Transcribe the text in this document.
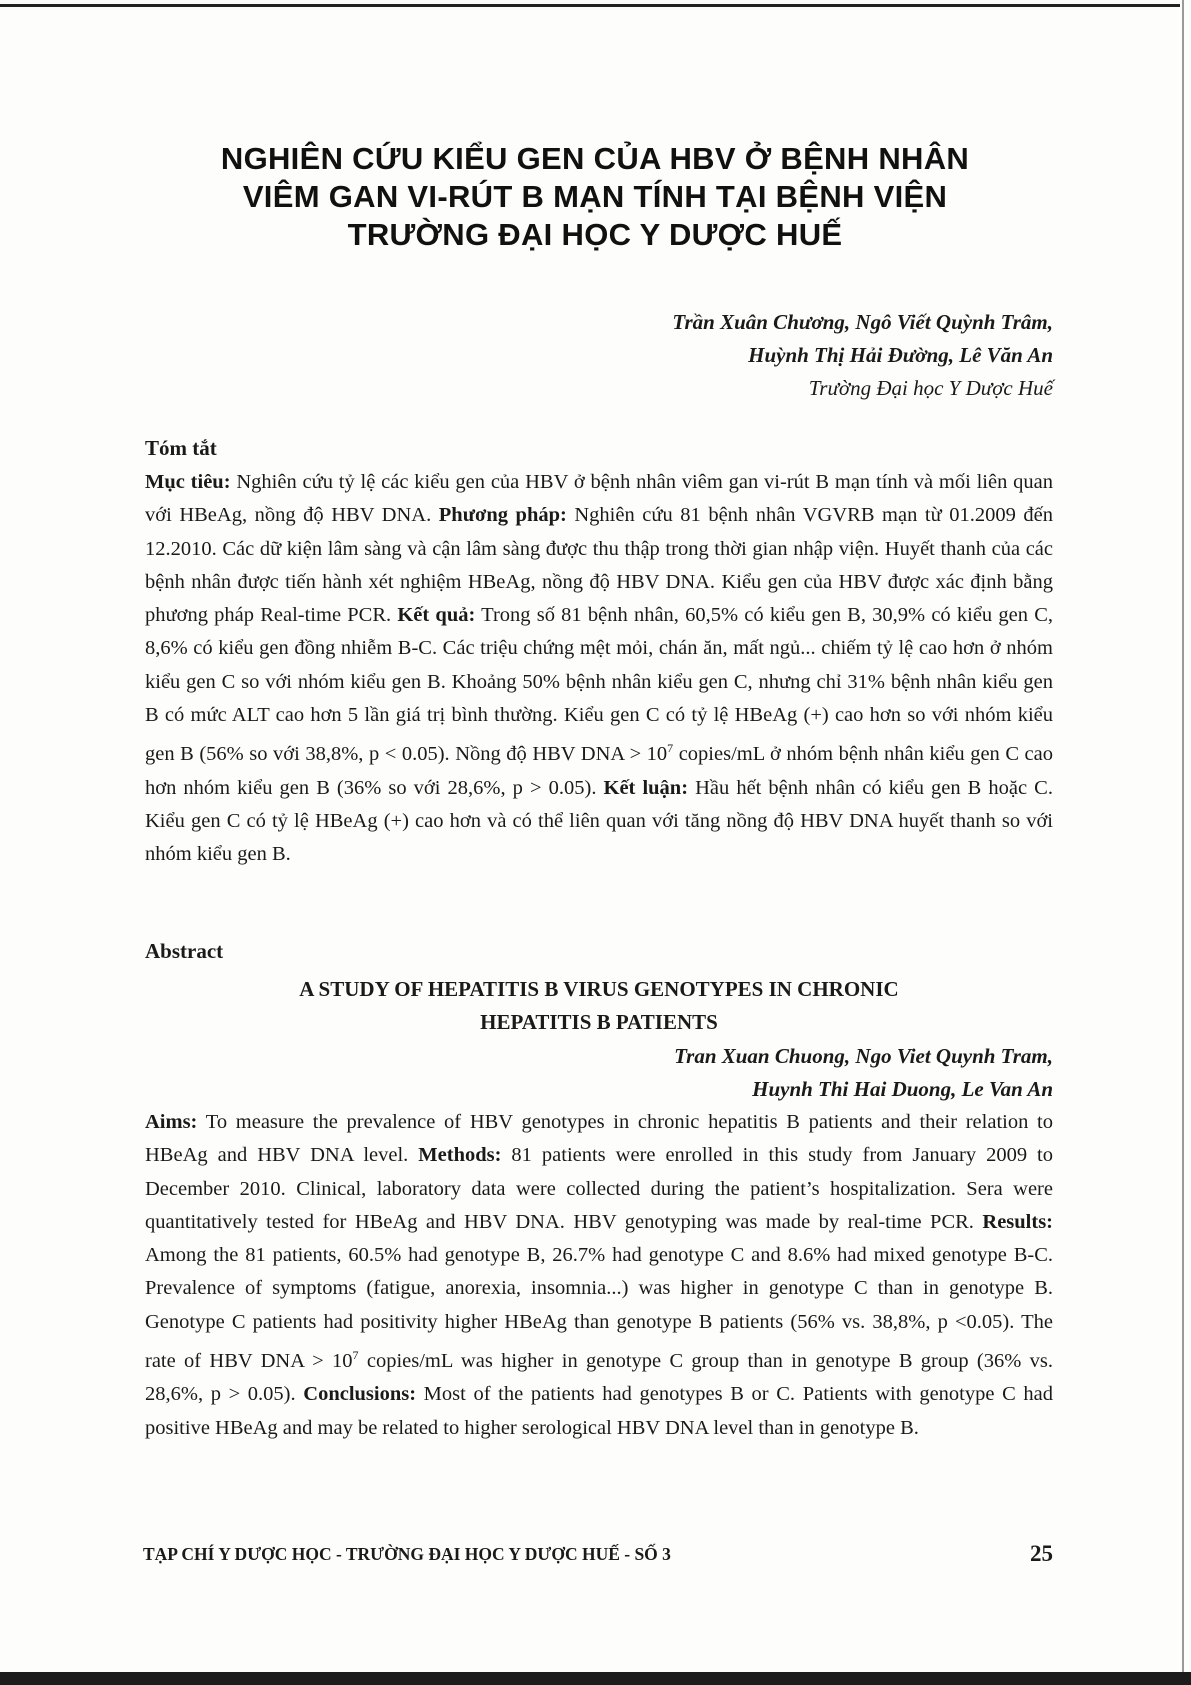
NGHIÊN CỨU KIỂU GEN CỦA HBV Ở BỆNH NHÂN
VIÊM GAN VI-RÚT B MẠN TÍNH TẠI BỆNH VIỆN
TRƯỜNG ĐẠI HỌC Y DƯỢC HUẾ
Trần Xuân Chương, Ngô Viết Quỳnh Trâm,
Huỳnh Thị Hải Đường, Lê Văn An
Trường Đại học Y Dược Huế
Tóm tắt

Mục tiêu: Nghiên cứu tỷ lệ các kiểu gen của HBV ở bệnh nhân viêm gan vi-rút B mạn tính và mối liên quan với HBeAg, nồng độ HBV DNA. Phương pháp: Nghiên cứu 81 bệnh nhân VGVRB mạn từ 01.2009 đến 12.2010. Các dữ kiện lâm sàng và cận lâm sàng được thu thập trong thời gian nhập viện. Huyết thanh của các bệnh nhân được tiến hành xét nghiệm HBeAg, nồng độ HBV DNA. Kiểu gen của HBV được xác định bằng phương pháp Real-time PCR. Kết quả: Trong số 81 bệnh nhân, 60,5% có kiểu gen B, 30,9% có kiểu gen C, 8,6% có kiểu gen đồng nhiễm B-C. Các triệu chứng mệt mỏi, chán ăn, mất ngủ... chiếm tỷ lệ cao hơn ở nhóm kiểu gen C so với nhóm kiểu gen B. Khoảng 50% bệnh nhân kiểu gen C, nhưng chỉ 31% bệnh nhân kiểu gen B có mức ALT cao hơn 5 lần giá trị bình thường. Kiểu gen C có tỷ lệ HBeAg (+) cao hơn so với nhóm kiểu gen B (56% so với 38,8%, p < 0.05). Nồng độ HBV DNA > $10^7$ copies/mL ở nhóm bệnh nhân kiểu gen C cao hơn nhóm kiểu gen B (36% so với 28,6%, p > 0.05). Kết luận: Hầu hết bệnh nhân có kiểu gen B hoặc C. Kiểu gen C có tỷ lệ HBeAg (+) cao hơn và có thể liên quan với tăng nồng độ HBV DNA huyết thanh so với nhóm kiểu gen B.

Abstract
A STUDY OF HEPATITIS B VIRUS GENOTYPES IN CHRONIC
HEPATITIS B PATIENTS
Tran Xuan Chuong, Ngo Viet Quynh Tram,
Huynh Thi Hai Duong, Le Van An

Aims: To measure the prevalence of HBV genotypes in chronic hepatitis B patients and their relation to HBeAg and HBV DNA level. Methods: 81 patients were enrolled in this study from January 2009 to December 2010. Clinical, laboratory data were collected during the patient’s hospitalization. Sera were quantitatively tested for HBeAg and HBV DNA. HBV genotyping was made by real-time PCR. Results: Among the 81 patients, 60.5% had genotype B, 26.7% had genotype C and 8.6% had mixed genotype B-C. Prevalence of symptoms (fatigue, anorexia, insomnia...) was higher in genotype C than in genotype B. Genotype C patients had positivity higher HBeAg than genotype B patients (56% vs. 38,8%, p <0.05). The rate of HBV DNA > $10^7$ copies/mL was higher in genotype C group than in genotype B group (36% vs. 28,6%, p > 0.05). Conclusions: Most of the patients had genotypes B or C. Patients with genotype C had positive HBeAg and may be related to higher serological HBV DNA level than in genotype B.

TẠP CHÍ Y DƯỢC HỌC - TRƯỜNG ĐẠI HỌC Y DƯỢC HUẾ - SỐ 3	25
